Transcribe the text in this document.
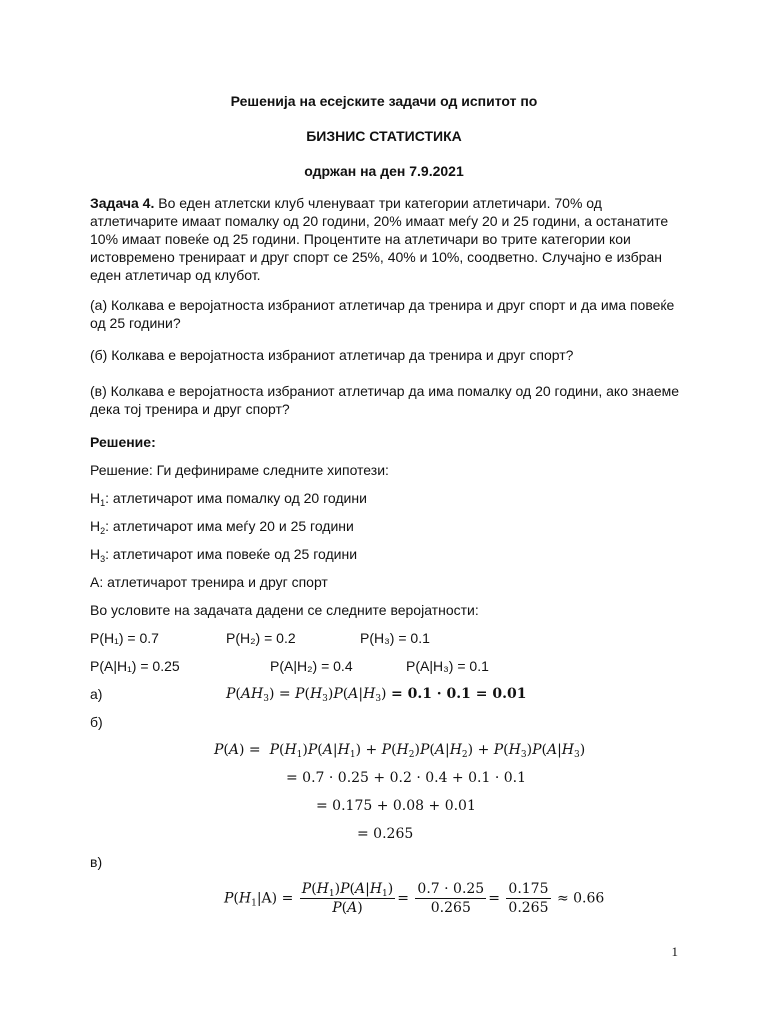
Решенија на есејските задачи од испитот по
БИЗНИС СТАТИСТИКА
одржан на ден 7.9.2021
Задача 4. Во еден атлетски клуб членуваат три категории атлетичари. 70% од атлетичарите имаат помалку од 20 години, 20% имаат меѓу 20 и 25 години, а останатите 10% имаат повеќе од 25 години. Процентите на атлетичари во трите категории кои истовремено тренираат и друг спорт се 25%, 40% и 10%, соодветно. Случајно е избран еден атлетичар од клубот.
(а) Колкава е веројатноста избраниот атлетичар да тренира и друг спорт и да има повеќе од 25 години?
(б) Колкава е веројатноста избраниот атлетичар да тренира и друг спорт?
(в) Колкава е веројатноста избраниот атлетичар да има помалку од 20 години, ако знаеме дека тој тренира и друг спорт?
Решение:
Решение: Ги дефинираме следните хипотези:
$H_1$: атлетичарот има помалку од 20 години
$H_2$: атлетичарот има меѓу 20 и 25 години
$H_3$: атлетичарот има повеќе од 25 години
A: атлетичарот тренира и друг спорт
Во условите на задачата дадени се следните веројатности:
P(H₁) = 0.7	P(H₂) = 0.2	P(H₃) = 0.1
P(A|H₁) = 0.25	P(A|H₂) = 0.4	P(A|H₃) = 0.1
а)	$P(AH_3) = P(H_3)P(A|H_3) = 0.1 \cdot 0.1 = 0.01$
б)
$P(A) = P(H_1)P(A|H_1) + P(H_2)P(A|H_2) + P(H_3)P(A|H_3)$
= 0.7 · 0.25 + 0.2 · 0.4 + 0.1 · 0.1
= 0.175 + 0.08 + 0.01
= 0.265
в)
$P(H_1|A) = \frac{P(H_1)P(A|H_1)}{P(A)} = \frac{0.7 \cdot 0.25}{0.265} = \frac{0.175}{0.265} \approx 0.66$
1
